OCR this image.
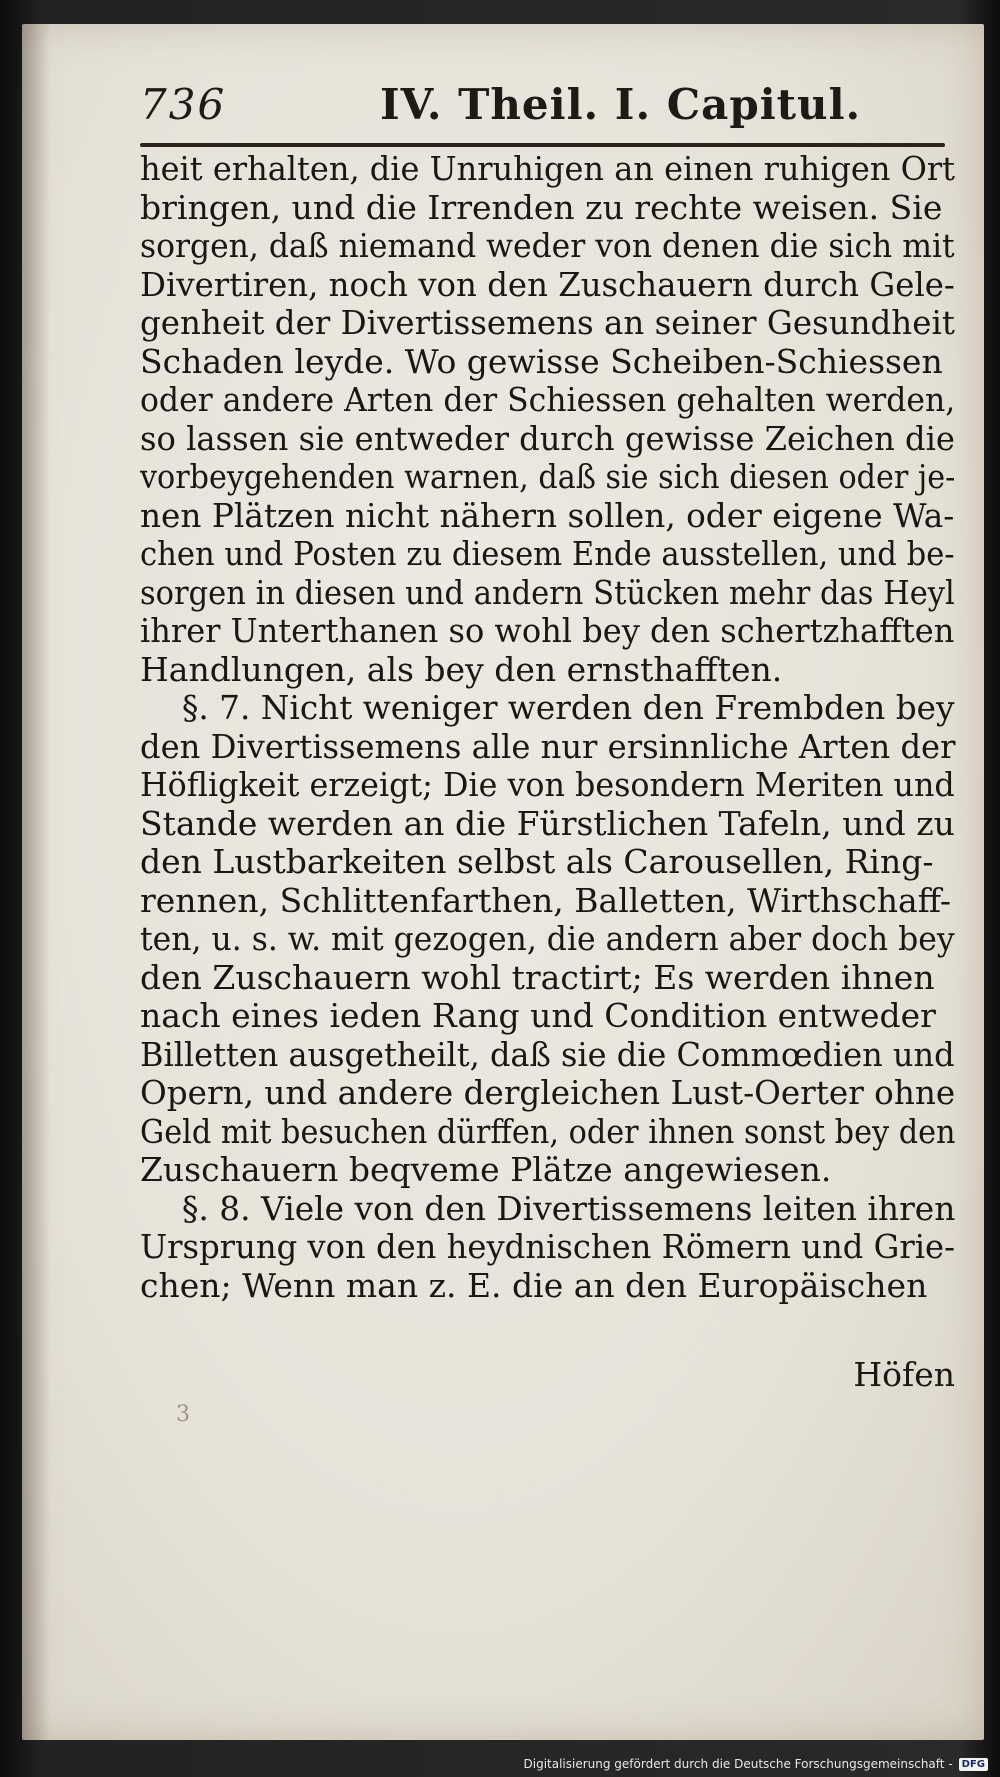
736	IV. Theil. I. Capitul.
heit erhalten, die Unruhigen an einen ruhigen Ort
bringen, und die Irrenden zu rechte weisen. Sie
sorgen, daß niemand weder von denen die sich mit
Divertiren, noch von den Zuschauern durch Gele-
genheit der Divertissemens an seiner Gesundheit
Schaden leyde. Wo gewisse Scheiben-Schiessen
oder andere Arten der Schiessen gehalten werden,
so lassen sie entweder durch gewisse Zeichen die
vorbeygehenden warnen, daß sie sich diesen oder je-
nen Plätzen nicht nähern sollen, oder eigene Wa-
chen und Posten zu diesem Ende ausstellen, und be-
sorgen in diesen und andern Stücken mehr das Heyl
ihrer Unterthanen so wohl bey den schertzhafften
Handlungen, als bey den ernsthafften.
§. 7. Nicht weniger werden den Frembden bey
den Divertissemens alle nur ersinnliche Arten der
Höfligkeit erzeigt; Die von besondern Meriten und
Stande werden an die Fürstlichen Tafeln, und zu
den Lustbarkeiten selbst als Carousellen, Ring-
rennen, Schlittenfarthen, Balletten, Wirthschaff-
ten, u. s. w. mit gezogen, die andern aber doch bey
den Zuschauern wohl tractirt; Es werden ihnen
nach eines ieden Rang und Condition entweder
Billetten ausgetheilt, daß sie die Commœdien und
Opern, und andere dergleichen Lust-Oerter ohne
Geld mit besuchen dürffen, oder ihnen sonst bey den
Zuschauern beqveme Plätze angewiesen.
§. 8. Viele von den Divertissemens leiten ihren
Ursprung von den heydnischen Römern und Grie-
chen; Wenn man z. E. die an den Europäischen
Höfen
3
Digitalisierung gefördert durch die Deutsche Forschungsgemeinschaft - DFG
